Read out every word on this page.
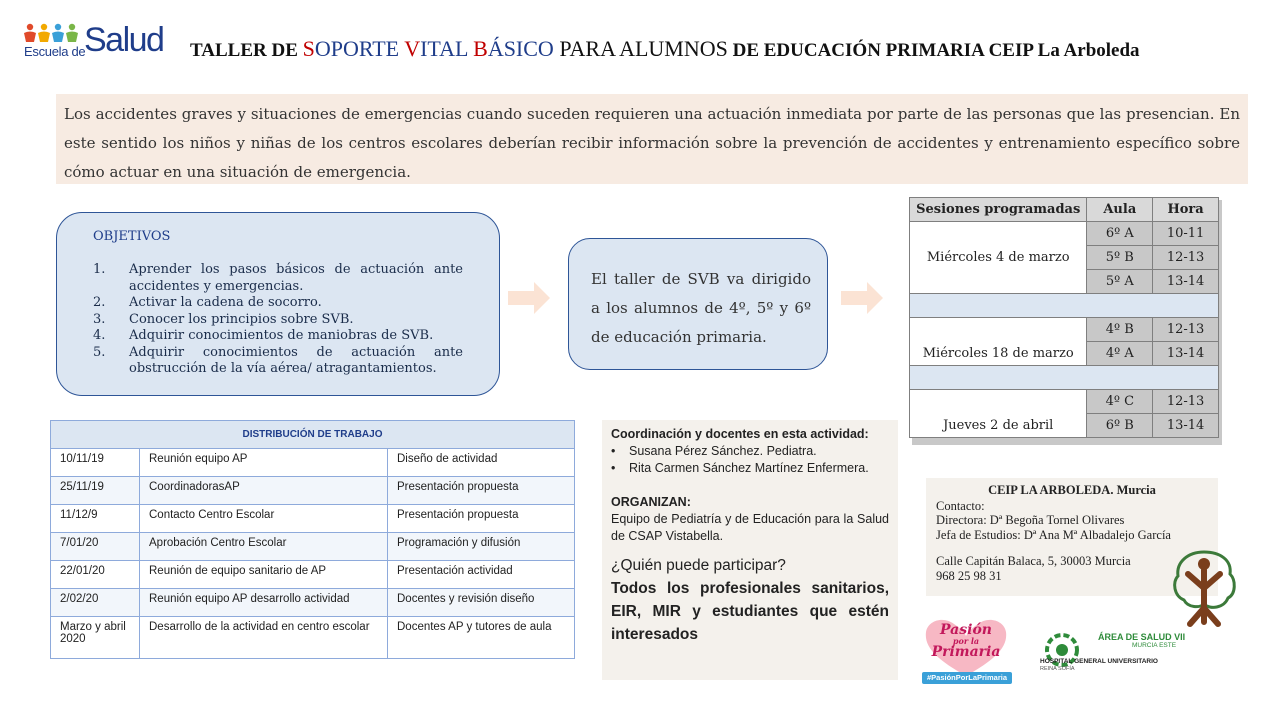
Escuela de
Salud TALLER DE SOPORTE VITAL BÁSICO PARA ALUMNOS DE EDUCACIÓN PRIMARIA CEIP La Arboleda
Los accidentes graves y situaciones de emergencias cuando suceden requieren una actuación inmediata por parte de las personas que las presencian. En este sentido los niños y niñas de los centros escolares deberían recibir información sobre la prevención de accidentes y entrenamiento específico sobre cómo actuar en una situación de emergencia.
OBJETIVOS
1.	Aprender los pasos básicos de actuación ante accidentes y emergencias.
2.	Activar la cadena de socorro.
3.	Conocer los principios sobre SVB.
4.	Adquirir conocimientos de maniobras de SVB.
5.	Adquirir conocimientos de actuación ante obstrucción de la vía aérea/ atragantamientos.
El taller de SVB va dirigido a los alumnos de 4º, 5º y 6º de educación primaria.
Sesiones programadas	Aula	Hora
Miércoles 4 de marzo	6º A	10-11
	5º B	12-13
	5º A	13-14

Miércoles 18 de marzo	4º B	12-13
	4º A	13-14

Jueves 2 de abril	4º C	12-13
	6º B	13-14
DISTRIBUCIÓN DE TRABAJO		
10/11/19	Reunión equipo AP	Diseño de actividad
25/11/19	CoordinadorasAP	Presentación propuesta
11/12/9	Contacto Centro Escolar	Presentación propuesta
7/01/20	Aprobación Centro Escolar	Programación y difusión
22/01/20	Reunión de equipo sanitario de AP	Presentación actividad
2/02/20	Reunión equipo AP desarrollo actividad	Docentes y revisión diseño
Marzo y abril 2020	Desarrollo de la actividad en centro escolar	Docentes AP y tutores de aula
Coordinación y docentes en esta actividad:
•	Susana Pérez Sánchez. Pediatra.
•	Rita Carmen Sánchez Martínez Enfermera.
ORGANIZAN:
Equipo de Pediatría y de Educación para la Salud de CSAP Vistabella.
¿Quién puede participar?
Todos los profesionales sanitarios, EIR, MIR y estudiantes que estén interesados
CEIP LA ARBOLEDA. Murcia
Contacto:
Directora: Dª Begoña Tornel Olivares
Jefa de Estudios: Dª Ana Mª Albadalejo García
Calle Capitán Balaca, 5, 30003 Murcia
968 25 98 31
Pasión
por la
Primaria
#PasiónPorLaPrimaria
ÁREA DE SALUD VII
MURCIA ESTE
HOSPITAL GENERAL UNIVERSITARIO
REINA SOFÍA
